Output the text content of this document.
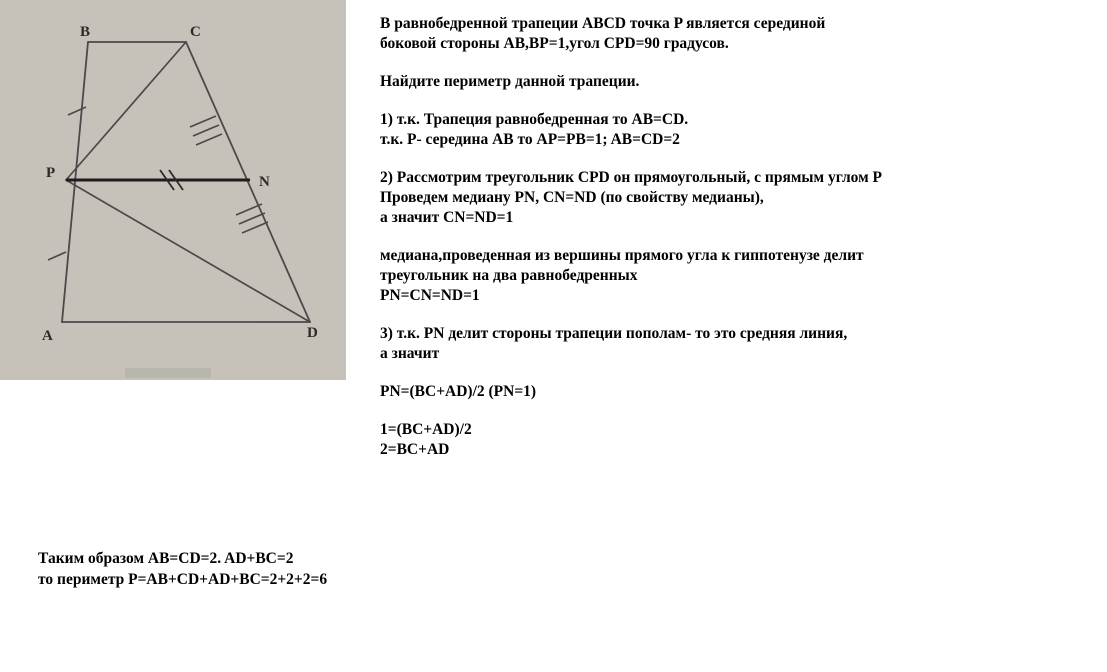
B	C
P
N
A	D
В равнобедренной трапеции ABCD точка P является серединой
боковой стороны AB,BP=1,угол CPD=90 градусов.
Найдите периметр данной трапеции.
1) т.к. Трапеция равнобедренная то AB=CD.
т.к. P- середина AB то AP=PB=1; AB=CD=2
2) Рассмотрим треугольник CPD он прямоугольный, с прямым углом P
Проведем медиану PN, CN=ND (по свойству медианы),
а значит CN=ND=1
медиана,проведенная из вершины прямого угла к гиппотенузе делит
треугольник на два равнобедренных
PN=CN=ND=1
3) т.к. PN делит стороны трапеции пополам- то это средняя линия,
а значит
PN=(BC+AD)/2 (PN=1)
1=(BC+AD)/2
2=BC+AD
Таким образом AB=CD=2. AD+BC=2
то периметр P=AB+CD+AD+BC=2+2+2=6
